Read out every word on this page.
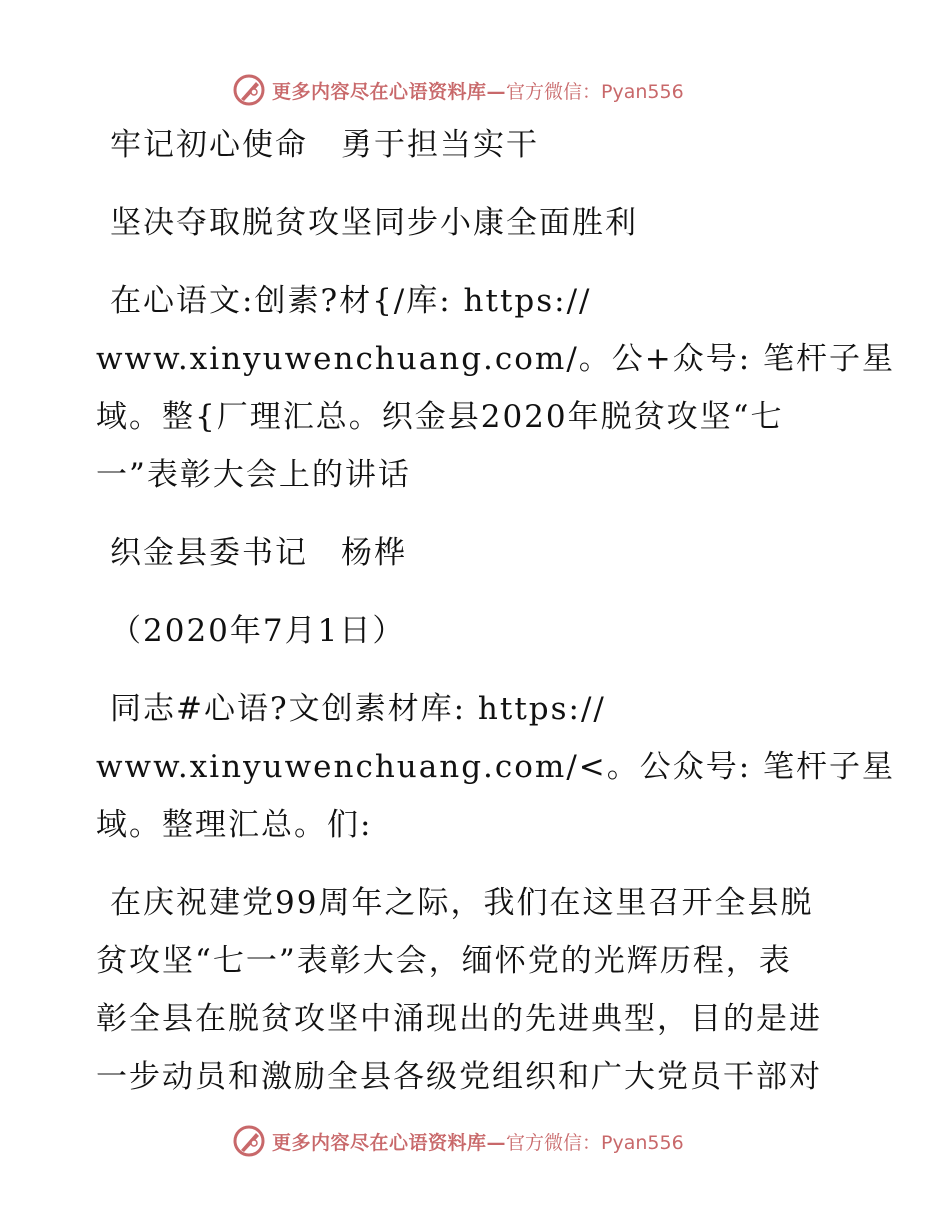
更多内容尽在心语资料库— 官方微信：Pyan556

牢记初心使命　勇于担当实干

坚决夺取脱贫攻坚同步小康全面胜利

在心语文:创素?材{/库: https://
www.xinyuwenchuang.com/。公+众号: 笔杆子星
域。整{厂理汇总。织金县2020年脱贫攻坚“七
一”表彰大会上的讲话

织金县委书记　杨桦

（2020年7月1日）

同志#心语?文创素材库: https://
www.xinyuwenchuang.com/<。公众号: 笔杆子星
域。整理汇总。们:

在庆祝建党99周年之际，我们在这里召开全县脱
贫攻坚“七一”表彰大会，缅怀党的光辉历程，表
彰全县在脱贫攻坚中涌现出的先进典型，目的是进
一步动员和激励全县各级党组织和广大党员干部对

更多内容尽在心语资料库— 官方微信：Pyan556
